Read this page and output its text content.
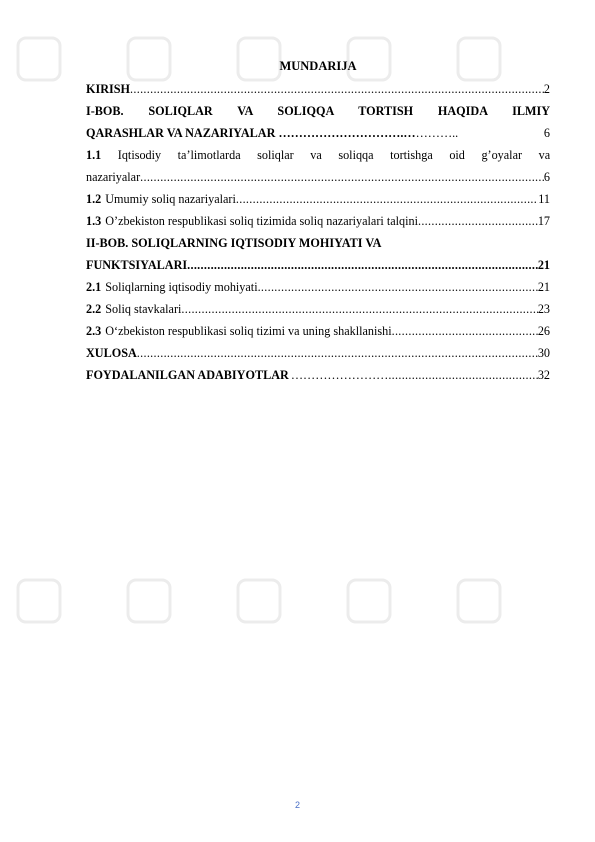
MUNDARIJA
KIRISH .....	2
I-BOB. SOLIQLAR VA SOLIQQA TORTISH HAQIDA ILMIY
QARASHLAR VA NAZARIYALAR ………………………….… ………..	6
1.1 Iqtisodiy ta’limotlarda soliqlar va soliqqa tortishga oid g’oyalar va
nazariyalar .....	6
1.2 Umumiy soliq nazariyalari .....	11
1.3 O’zbekiston respublikasi soliq tizimida soliq nazariyalari talqini .....	17
II-BOB. SOLIQLARNING IQTISODIY MOHIYATI VA
FUNKTSIYALARI .....	21
2.1 Soliqlarning iqtisodiy mohiyati .....	21
2.2 Soliq stavkalari .....	23
2.3 O‘zbekiston respublikasi soliq tizimi va uning shakllanishi .....	26
XULOSA .....	30
FOYDALANILGAN ADABIYOTLAR …………………… .....	32
2
